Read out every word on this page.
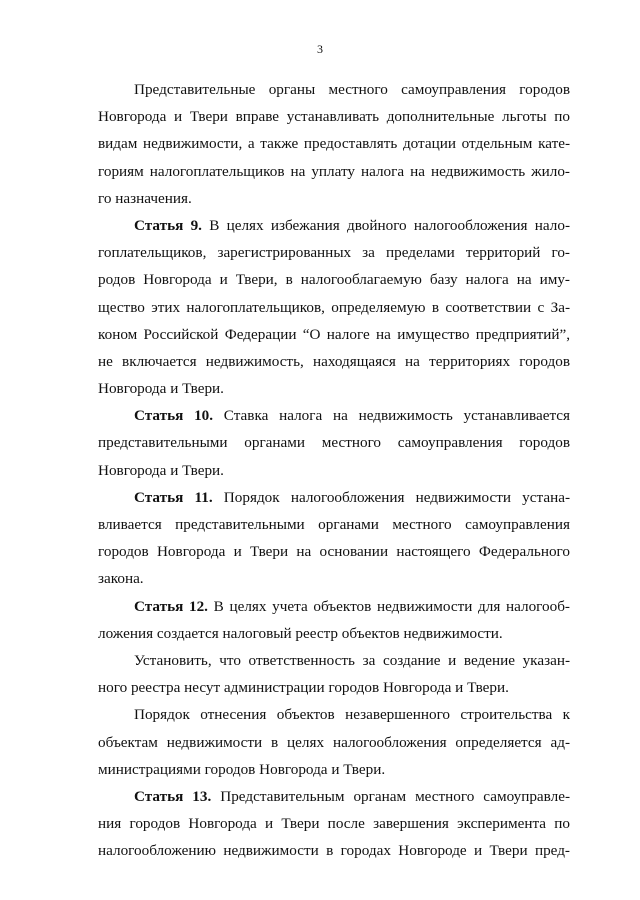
3
Представительные органы местного самоуправления городов
Новгорода и Твери вправе устанавливать дополнительные льготы по
видам недвижимости, а также предоставлять дотации отдельным кате-
гориям налогоплательщиков на уплату налога на недвижимость жило-
го назначения.
Статья 9. В целях избежания двойного налогообложения нало-
гоплательщиков, зарегистрированных за пределами территорий го-
родов Новгорода и Твери, в налогооблагаемую базу налога на иму-
щество этих налогоплательщиков, определяемую в соответствии с За-
коном Российской Федерации “О налоге на имущество предприятий”,
не включается недвижимость, находящаяся на территориях городов
Новгорода и Твери.
Статья 10. Ставка налога на недвижимость устанавливается
представительными органами местного самоуправления городов
Новгорода и Твери.
Статья 11. Порядок налогообложения недвижимости устана-
вливается представительными органами местного самоуправления
городов Новгорода и Твери на основании настоящего Федерального
закона.
Статья 12. В целях учета объектов недвижимости для налогооб-
ложения создается налоговый реестр объектов недвижимости.
Установить, что ответственность за создание и ведение указан-
ного реестра несут администрации городов Новгорода и Твери.
Порядок отнесения объектов незавершенного строительства к
объектам недвижимости в целях налогообложения определяется ад-
министрациями городов Новгорода и Твери.
Статья 13. Представительным органам местного самоуправле-
ния городов Новгорода и Твери после завершения эксперимента по
налогообложению недвижимости в городах Новгороде и Твери пред-
